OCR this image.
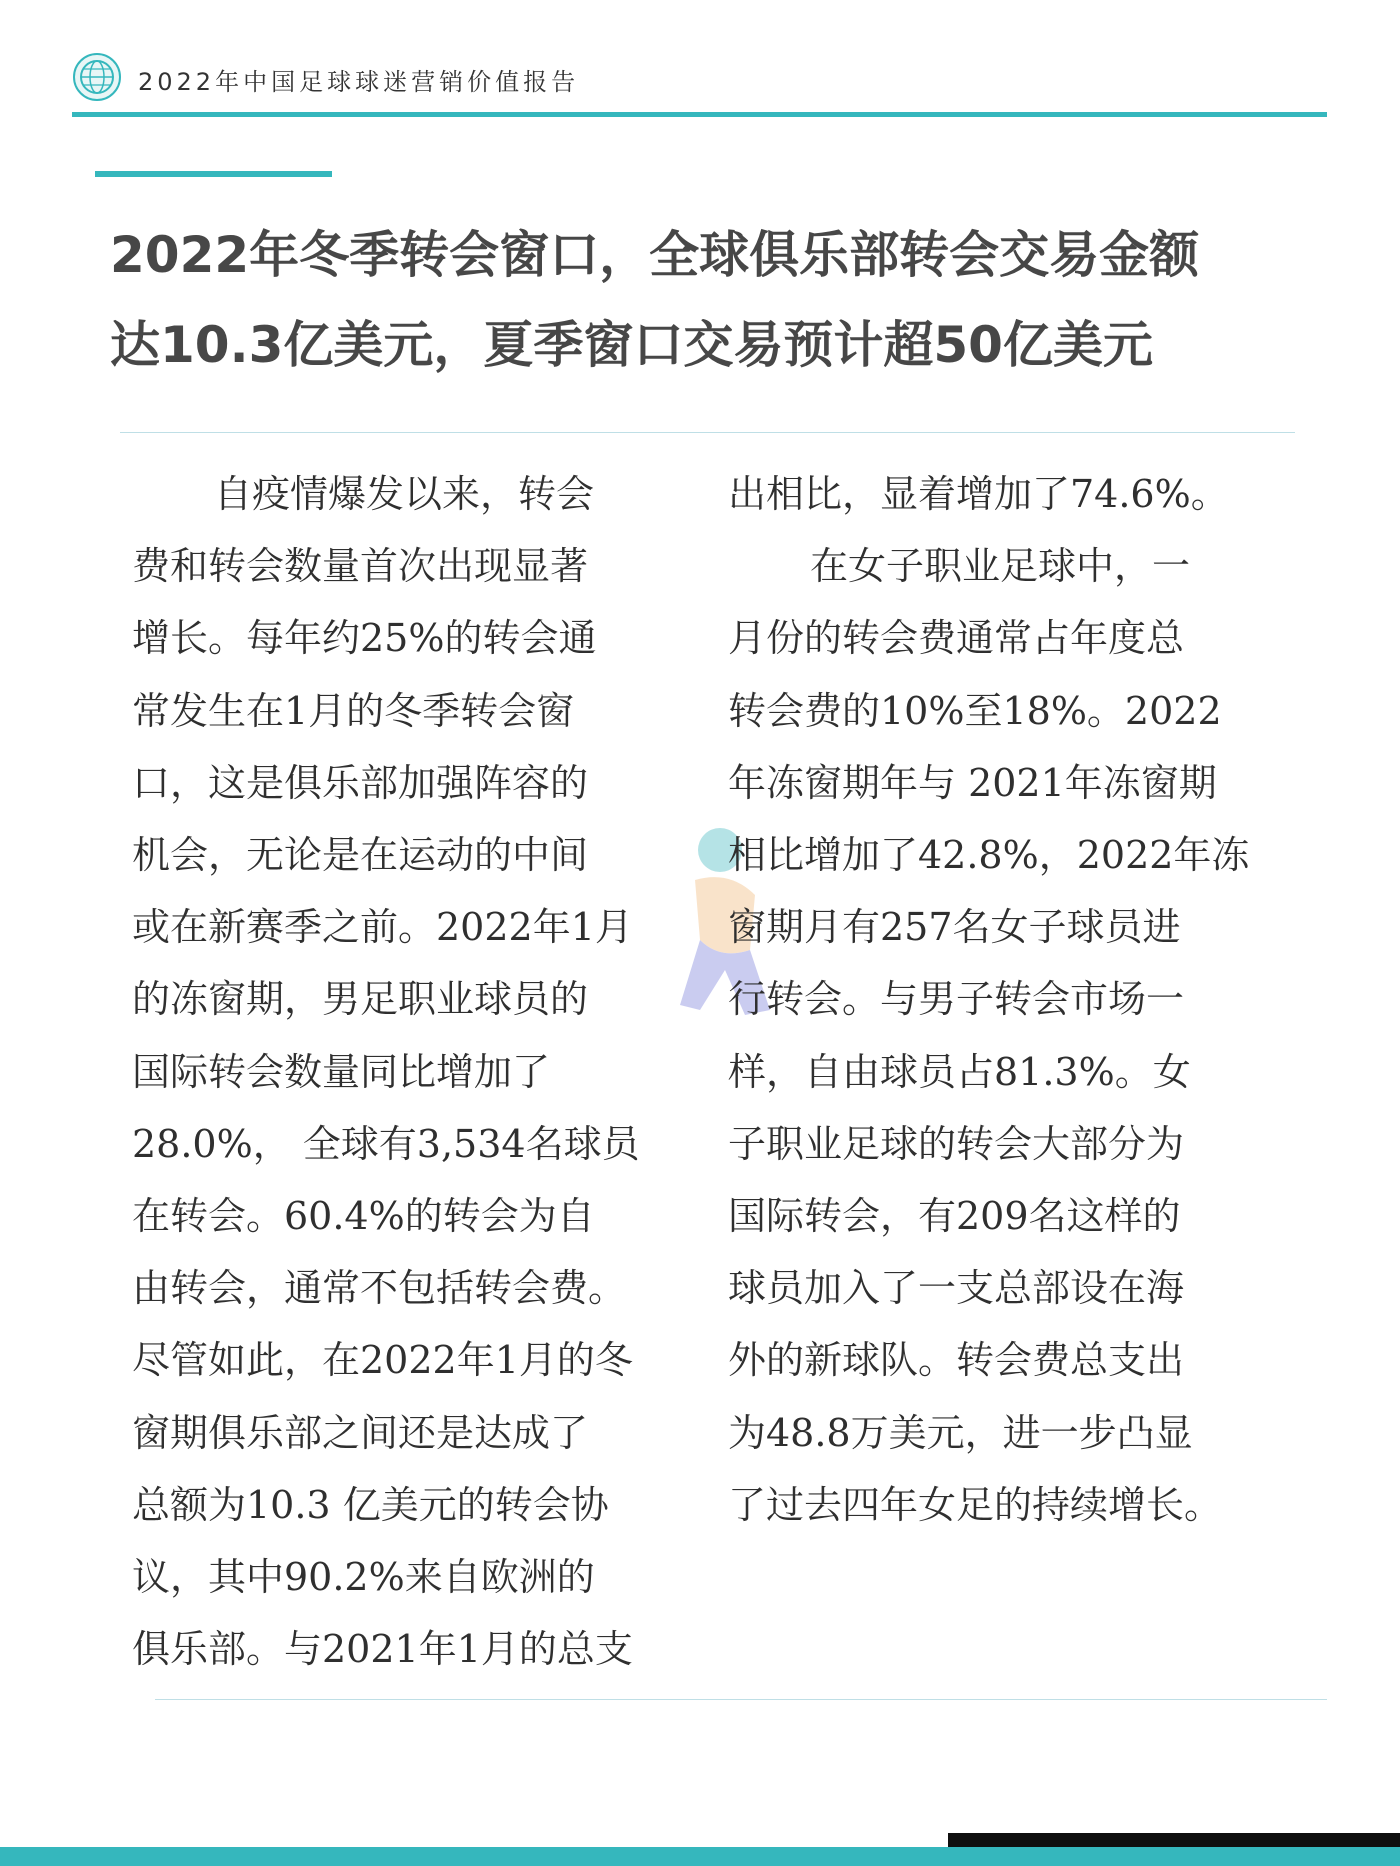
2022年中国足球球迷营销价值报告
2022年冬季转会窗口，全球俱乐部转会交易金额
达10.3亿美元，夏季窗口交易预计超50亿美元
自疫情爆发以来，转会
费和转会数量首次出现显著
增长。每年约25%的转会通
常发生在1月的冬季转会窗
口，这是俱乐部加强阵容的
机会，无论是在运动的中间
或在新赛季之前。2022年1月
的冻窗期，男足职业球员的
国际转会数量同比增加了
28.0%， 全球有3,534名球员
在转会。60.4%的转会为自
由转会，通常不包括转会费。
尽管如此，在2022年1月的冬
窗期俱乐部之间还是达成了
总额为10.3 亿美元的转会协
议，其中90.2%来自欧洲的
俱乐部。与2021年1月的总支
出相比，显着增加了74.6%。
在女子职业足球中，一
月份的转会费通常占年度总
转会费的10%至18%。2022
年冻窗期年与 2021年冻窗期
相比增加了42.8%，2022年冻
窗期月有257名女子球员进
行转会。与男子转会市场一
样，自由球员占81.3%。女
子职业足球的转会大部分为
国际转会，有209名这样的
球员加入了一支总部设在海
外的新球队。转会费总支出
为48.8万美元，进一步凸显
了过去四年女足的持续增长。
